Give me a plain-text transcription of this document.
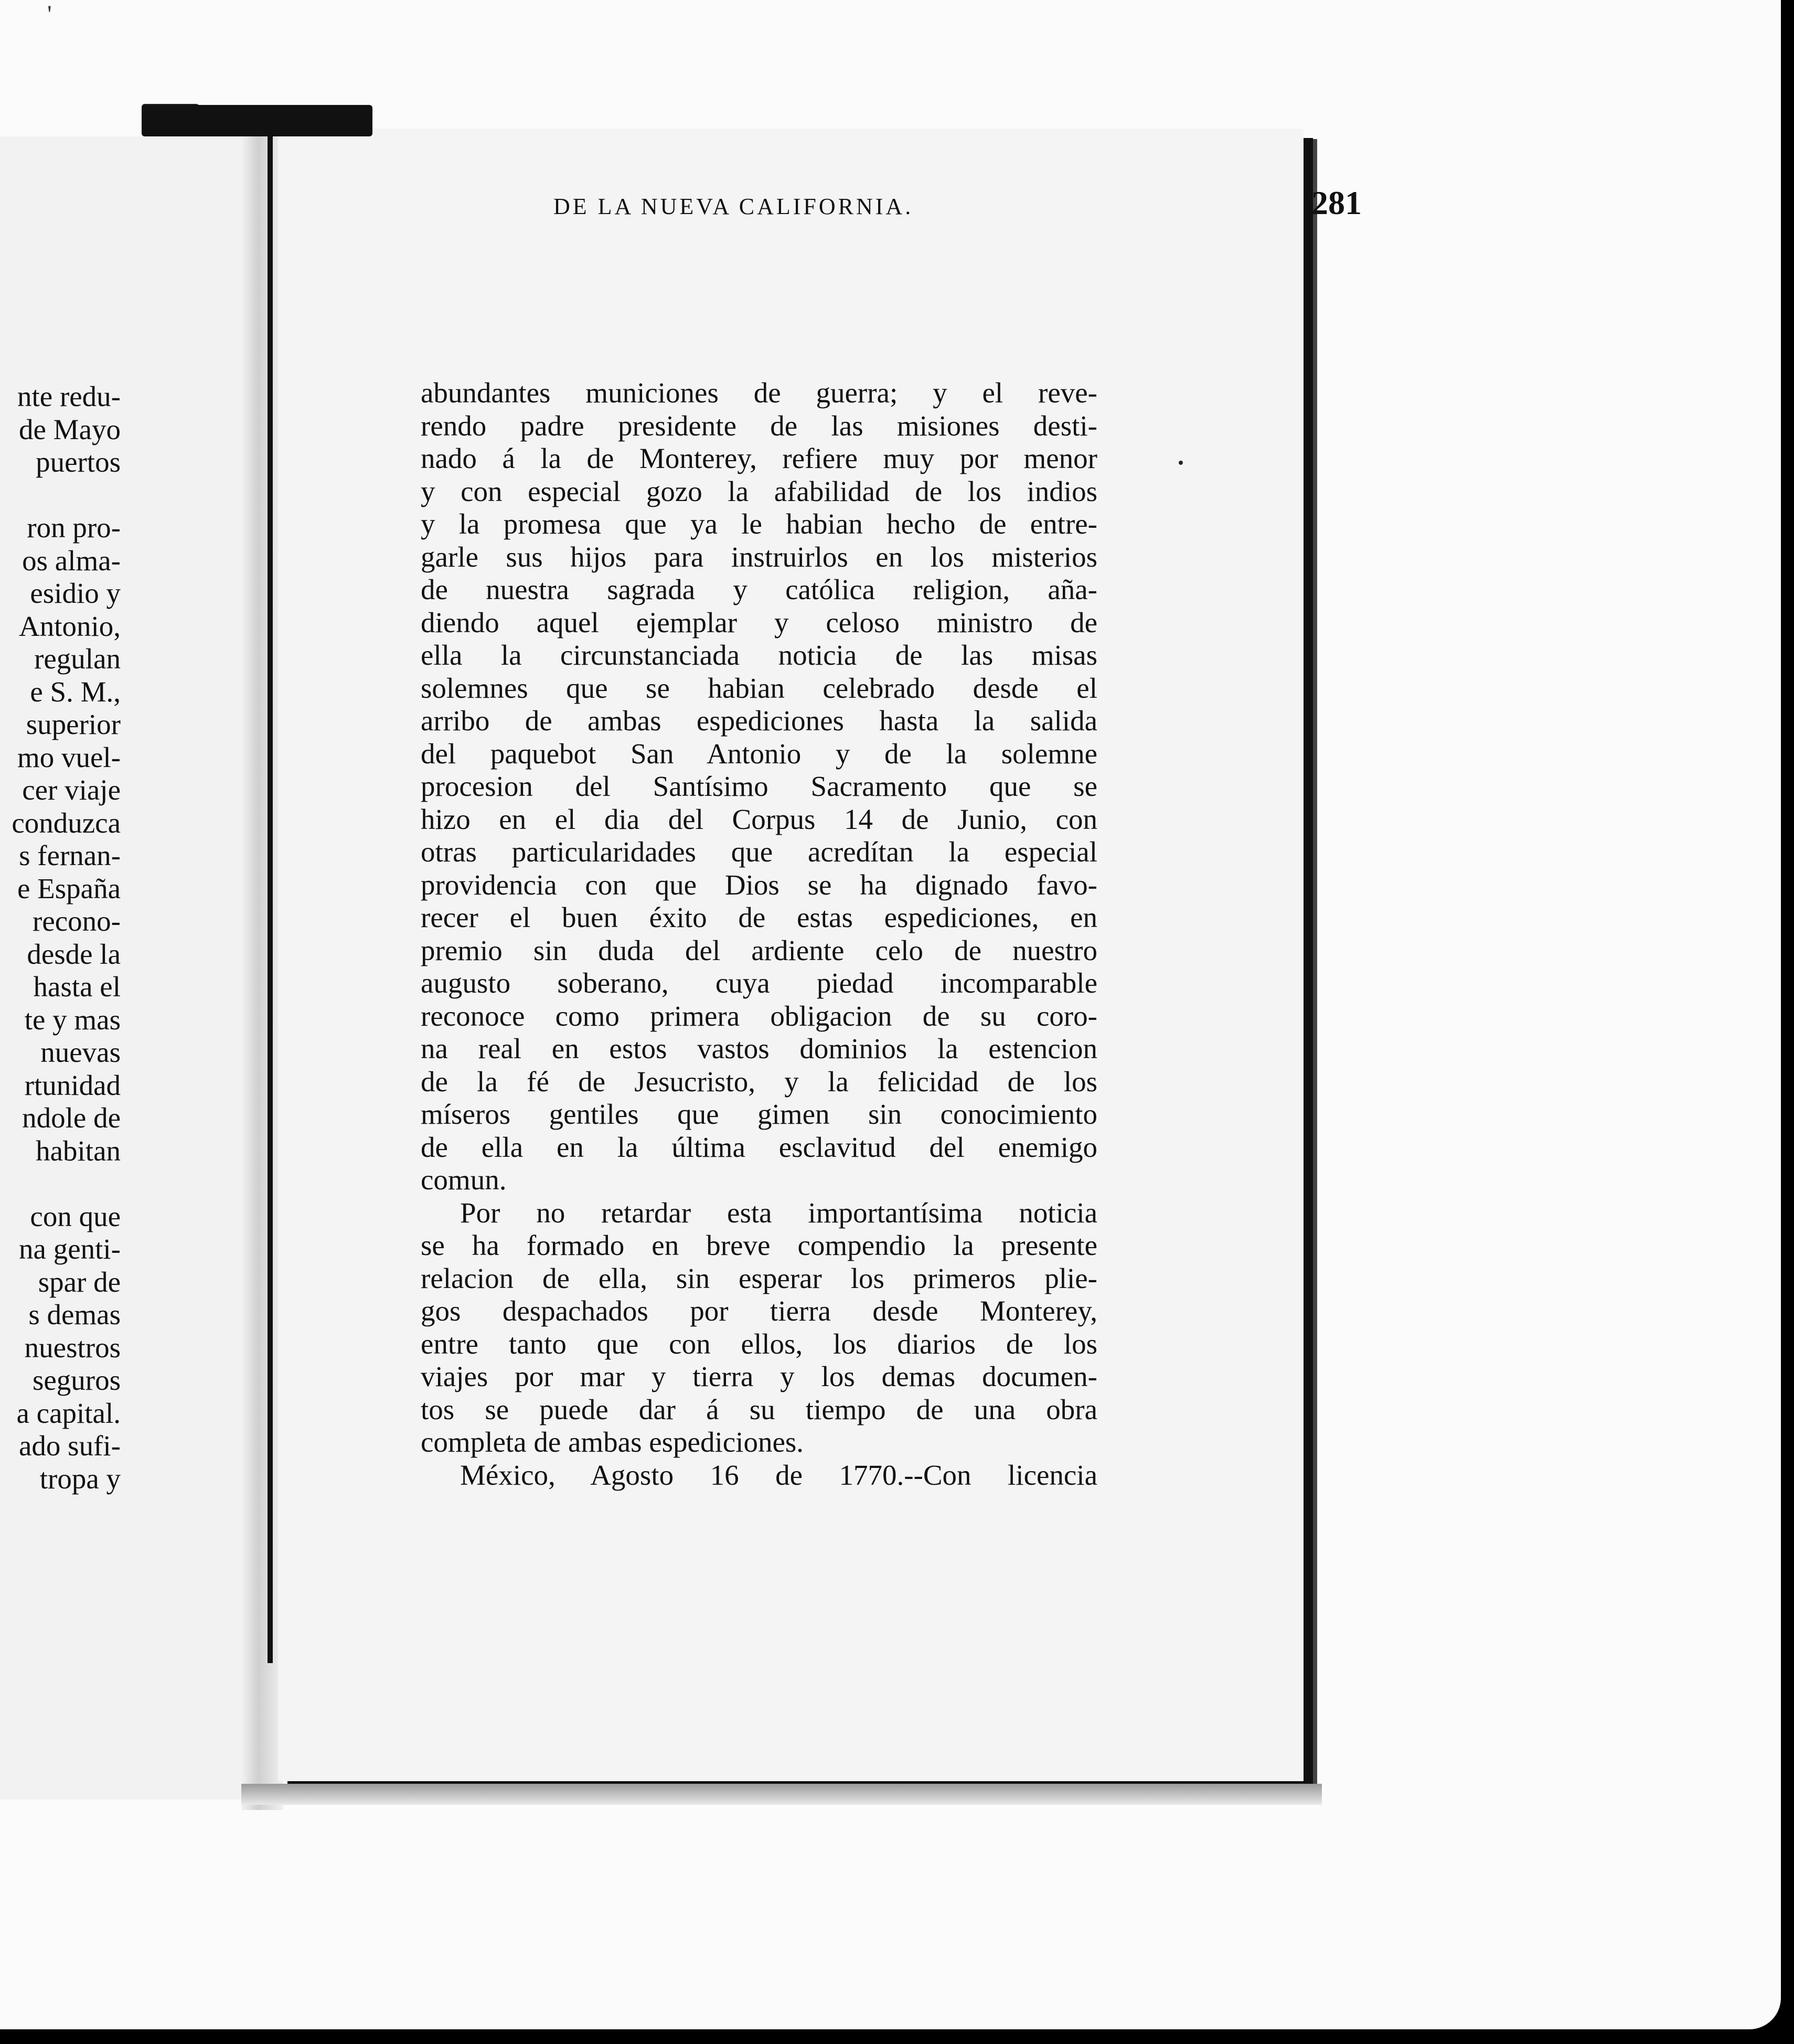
'
nte redu-
de Mayo
puertos
ron pro-
os alma-
esidio y
Antonio,
regulan
e S. M.,
superior
mo vuel-
cer viaje
conduzca
s fernan-
e España
recono-
desde la
hasta el
te y mas
nuevas
rtunidad
ndole de
habitan
con que
na genti-
spar de
s demas
nuestros
seguros
a capital.
ado sufi-
tropa y
DE LA NUEVA CALIFORNIA.	281
abundantes municiones de guerra; y el reve-
rendo padre presidente de las misiones desti-
nado á la de Monterey, refiere muy por menor
y con especial gozo la afabilidad de los indios
y la promesa que ya le habian hecho de entre-
garle sus hijos para instruirlos en los misterios
de nuestra sagrada y católica religion, aña-
diendo aquel ejemplar y celoso ministro de
ella la circunstanciada noticia de las misas
solemnes que se habian celebrado desde el
arribo de ambas espediciones hasta la salida
del paquebot San Antonio y de la solemne
procesion del Santísimo Sacramento que se
hizo en el dia del Corpus 14 de Junio, con
otras particularidades que acredítan la especial
providencia con que Dios se ha dignado favo-
recer el buen éxito de estas espediciones, en
premio sin duda del ardiente celo de nuestro
augusto soberano, cuya piedad incomparable
reconoce como primera obligacion de su coro-
na real en estos vastos dominios la estencion
de la fé de Jesucristo, y la felicidad de los
míseros gentiles que gimen sin conocimiento
de ella en la última esclavitud del enemigo
comun.
Por no retardar esta importantísima noticia
se ha formado en breve compendio la presente
relacion de ella, sin esperar los primeros plie-
gos despachados por tierra desde Monterey,
entre tanto que con ellos, los diarios de los
viajes por mar y tierra y los demas documen-
tos se puede dar á su tiempo de una obra
completa de ambas espediciones.
México, Agosto 16 de 1770.--Con licencia
